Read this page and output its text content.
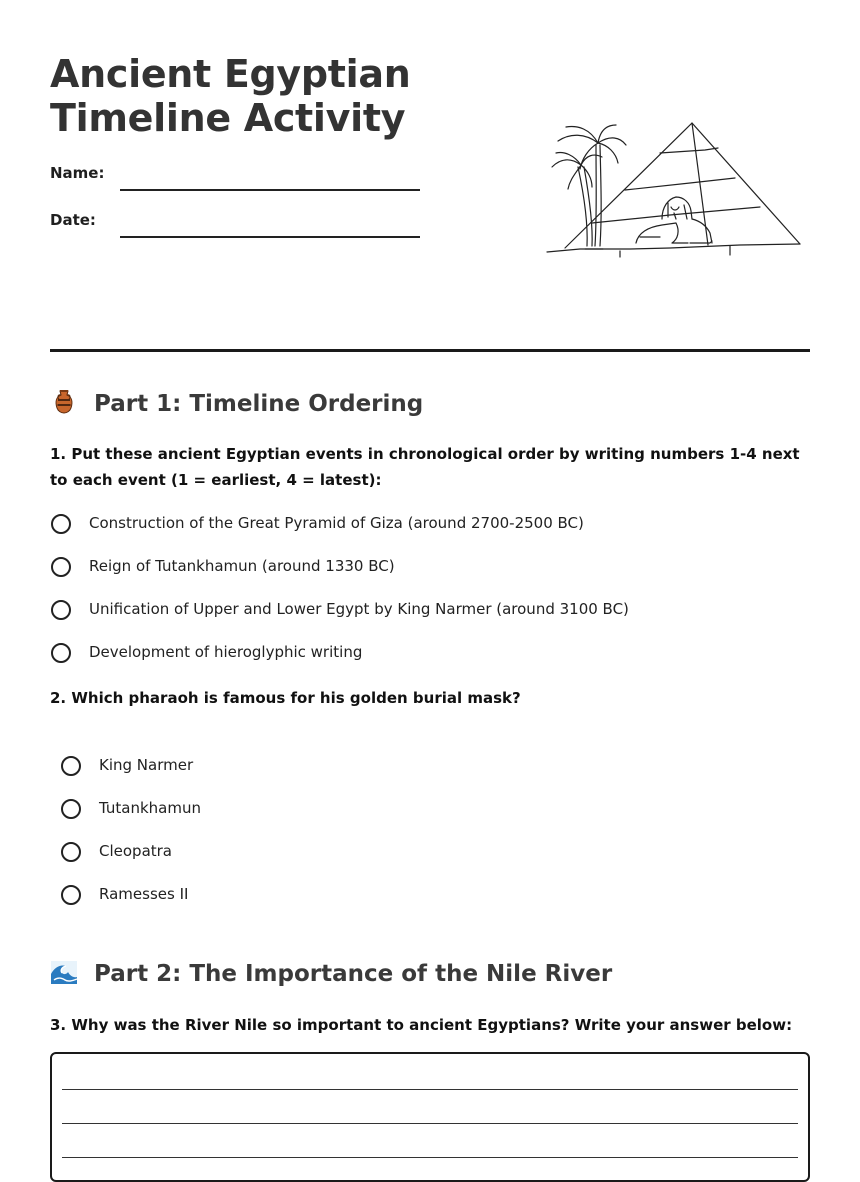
Ancient Egyptian
Timeline Activity
Name:
Date:
Part 1: Timeline Ordering

1. Put these ancient Egyptian events in chronological order by writing numbers 1-4 next to each event (1 = earliest, 4 = latest):

Construction of the Great Pyramid of Giza (around 2700-2500 BC)
Reign of Tutankhamun (around 1330 BC)
Unification of Upper and Lower Egypt by King Narmer (around 3100 BC)
Development of hieroglyphic writing

2. Which pharaoh is famous for his golden burial mask?

King Narmer
Tutankhamun
Cleopatra
Ramesses II
Part 2: The Importance of the Nile River

3. Why was the River Nile so important to ancient Egyptians? Write your answer below:
